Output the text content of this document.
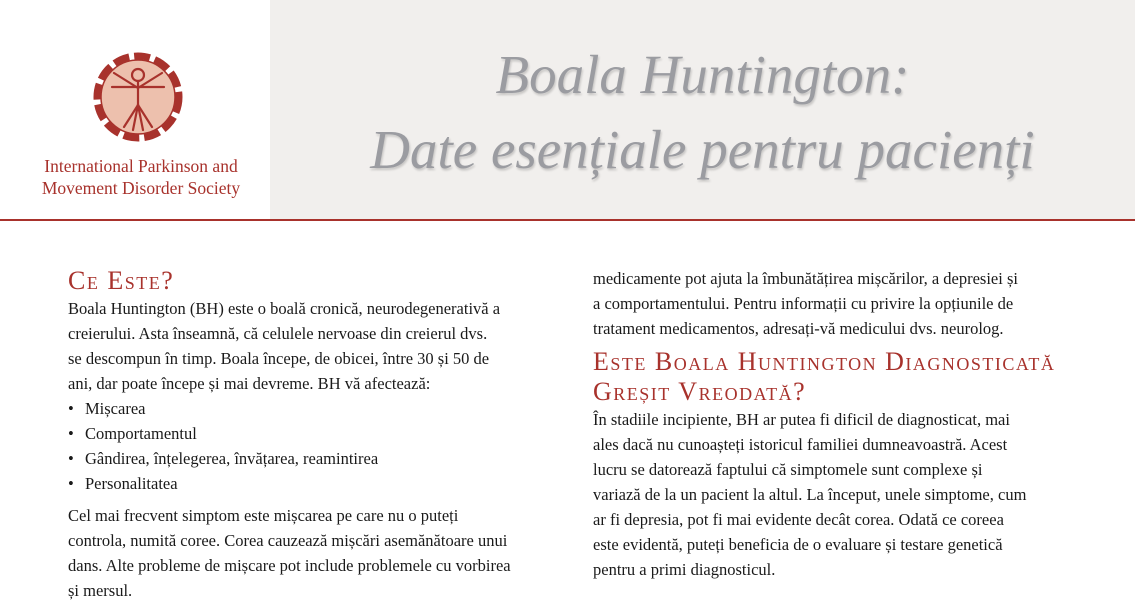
International Parkinson and
Movement Disorder Society
Boala Huntington:
Date esențiale pentru pacienți
Ce Este?

Boala Huntington (BH) este o boală cronică, neurodegenerativă a
creierului. Asta înseamnă, că celulele nervoase din creierul dvs.
se descompun în timp. Boala începe, de obicei, între 30 și 50 de
ani, dar poate începe și mai devreme. BH vă afectează:

• Mișcarea
• Comportamentul
• Gândirea, înțelegerea, învățarea, reamintirea
• Personalitatea

Cel mai frecvent simptom este mișcarea pe care nu o puteți
controla, numită coree. Corea cauzează mișcări asemănătoare unui
dans. Alte probleme de mișcare pot include problemele cu vorbirea
și mersul.

medicamente pot ajuta la îmbunătățirea mișcărilor, a depresiei și
a comportamentului. Pentru informații cu privire la opțiunile de
tratament medicamentos, adresați-vă medicului dvs. neurolog.

Este Boala Huntington Diagnosticată
Greșit Vreodată?

În stadiile incipiente, BH ar putea fi dificil de diagnosticat, mai
ales dacă nu cunoașteți istoricul familiei dumneavoastră. Acest
lucru se datorează faptului că simptomele sunt complexe și
variază de la un pacient la altul. La început, unele simptome, cum
ar fi depresia, pot fi mai evidente decât corea. Odată ce coreea
este evidentă, puteți beneficia de o evaluare și testare genetică
pentru a primi diagnosticul.
